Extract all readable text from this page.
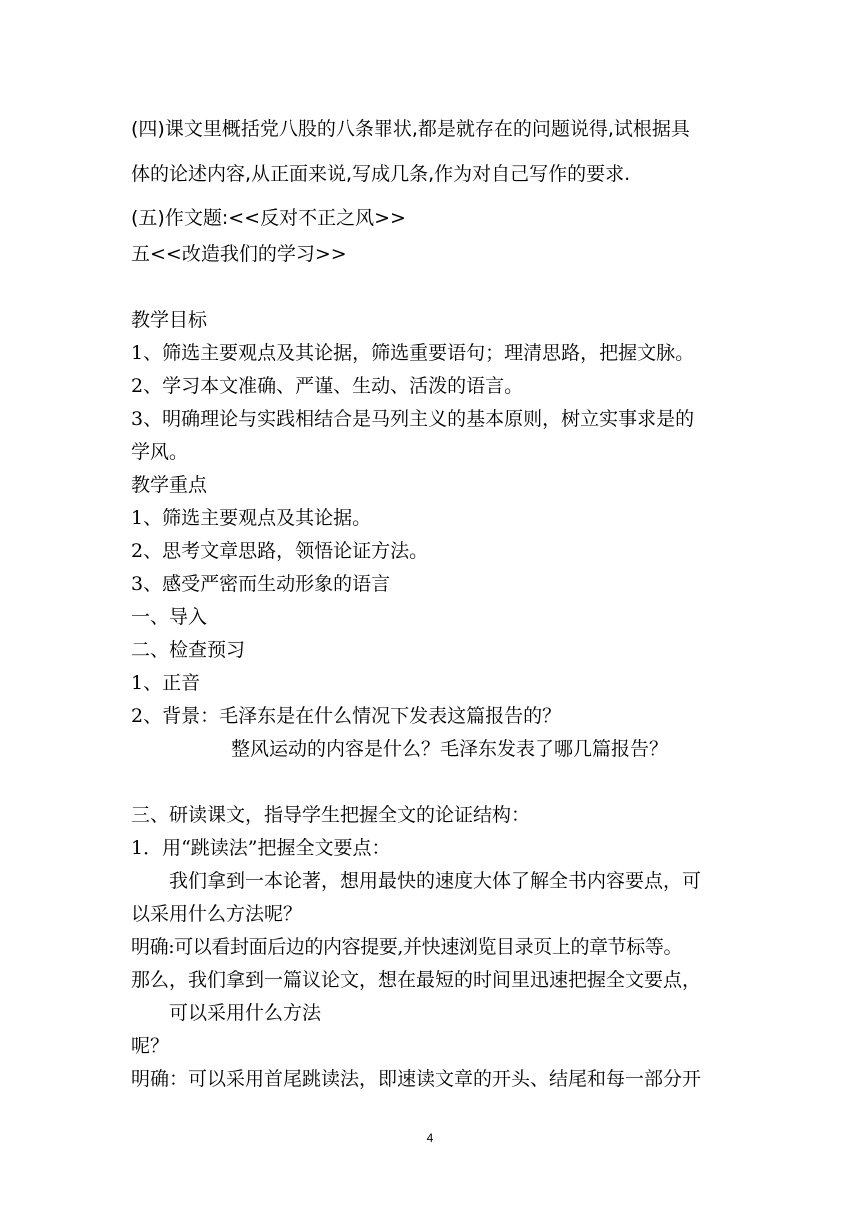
(四)课文里概括党八股的八条罪状,都是就存在的问题说得,试根据具
体的论述内容,从正面来说,写成几条,作为对自己写作的要求.
(五)作文题:<<反对不正之风>>
五<<改造我们的学习>>
教学目标
1、筛选主要观点及其论据，筛选重要语句；理清思路，把握文脉。
2、学习本文准确、严谨、生动、活泼的语言。
3、明确理论与实践相结合是马列主义的基本原则，树立实事求是的
学风。
教学重点
1、筛选主要观点及其论据。
2、思考文章思路，领悟论证方法。
3、感受严密而生动形象的语言
一、导入
二、检查预习
1、正音
2、背景：毛泽东是在什么情况下发表这篇报告的？
整风运动的内容是什么？毛泽东发表了哪几篇报告？
三、研读课文，指导学生把握全文的论证结构：
1．用“跳读法”把握全文要点：
我们拿到一本论著，想用最快的速度大体了解全书内容要点，可
以采用什么方法呢？
明确:可以看封面后边的内容提要,并快速浏览目录页上的章节标等。
那么，我们拿到一篇议论文，想在最短的时间里迅速把握全文要点，
可以采用什么方法
呢？
明确：可以采用首尾跳读法，即速读文章的开头、结尾和每一部分开
4
